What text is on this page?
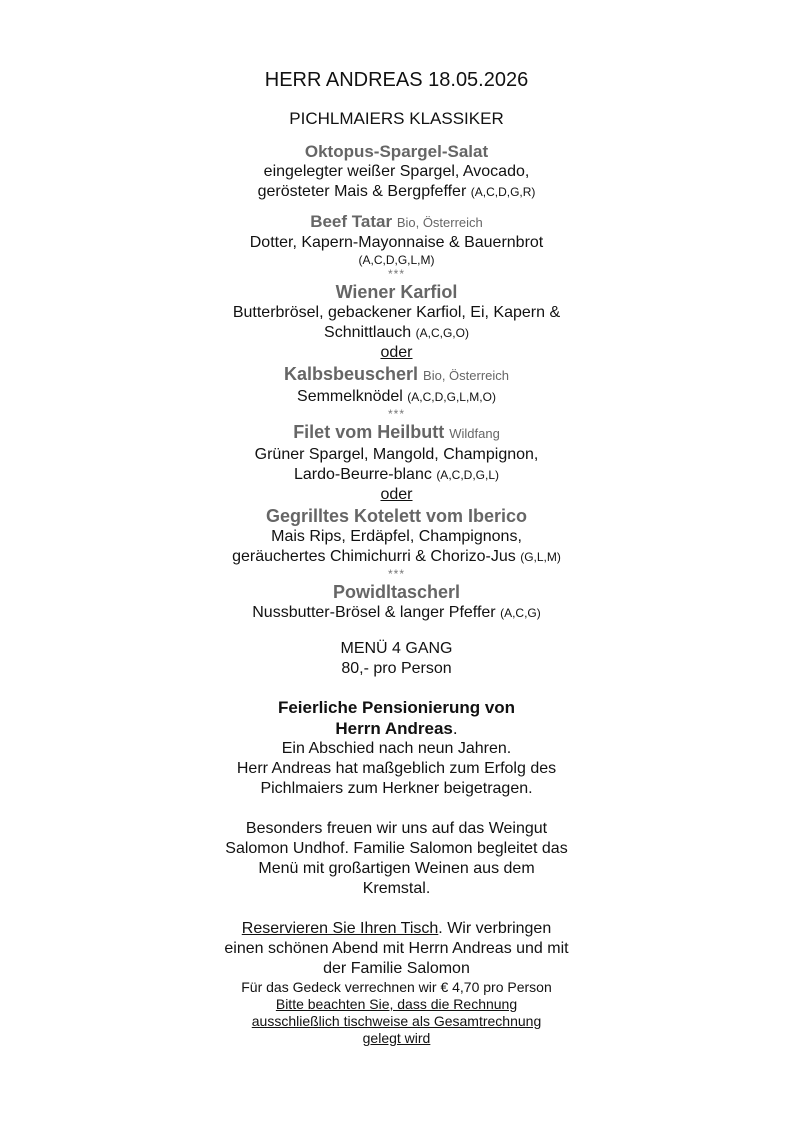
HERR ANDREAS 18.05.2026
PICHLMAIERS KLASSIKER
Oktopus-Spargel-Salat
eingelegter weißer Spargel, Avocado,
gerösteter Mais & Bergpfeffer (A,C,D,G,R)
Beef Tatar Bio, Österreich
Dotter, Kapern-Mayonnaise & Bauernbrot
(A,C,D,G,L,M)
***
Wiener Karfiol
Butterbrösel, gebackener Karfiol, Ei, Kapern &
Schnittlauch (A,C,G,O)
oder
Kalbsbeuscherl Bio, Österreich
Semmelknödel (A,C,D,G,L,M,O)
***
Filet vom Heilbutt Wildfang
Grüner Spargel, Mangold, Champignon,
Lardo-Beurre-blanc (A,C,D,G,L)
oder
Gegrilltes Kotelett vom Iberico
Mais Rips, Erdäpfel, Champignons,
geräuchertes Chimichurri & Chorizo-Jus (G,L,M)
***
Powidltascherl
Nussbutter-Brösel & langer Pfeffer (A,C,G)
MENÜ 4 GANG
80,- pro Person
Feierliche Pensionierung von
Herrn Andreas.
Ein Abschied nach neun Jahren.
Herr Andreas hat maßgeblich zum Erfolg des
Pichlmaiers zum Herkner beigetragen.
Besonders freuen wir uns auf das Weingut
Salomon Undhof. Familie Salomon begleitet das
Menü mit großartigen Weinen aus dem
Kremstal.
Reservieren Sie Ihren Tisch. Wir verbringen
einen schönen Abend mit Herrn Andreas und mit
der Familie Salomon
Für das Gedeck verrechnen wir € 4,70 pro Person
Bitte beachten Sie, dass die Rechnung
ausschließlich tischweise als Gesamtrechnung
gelegt wird
